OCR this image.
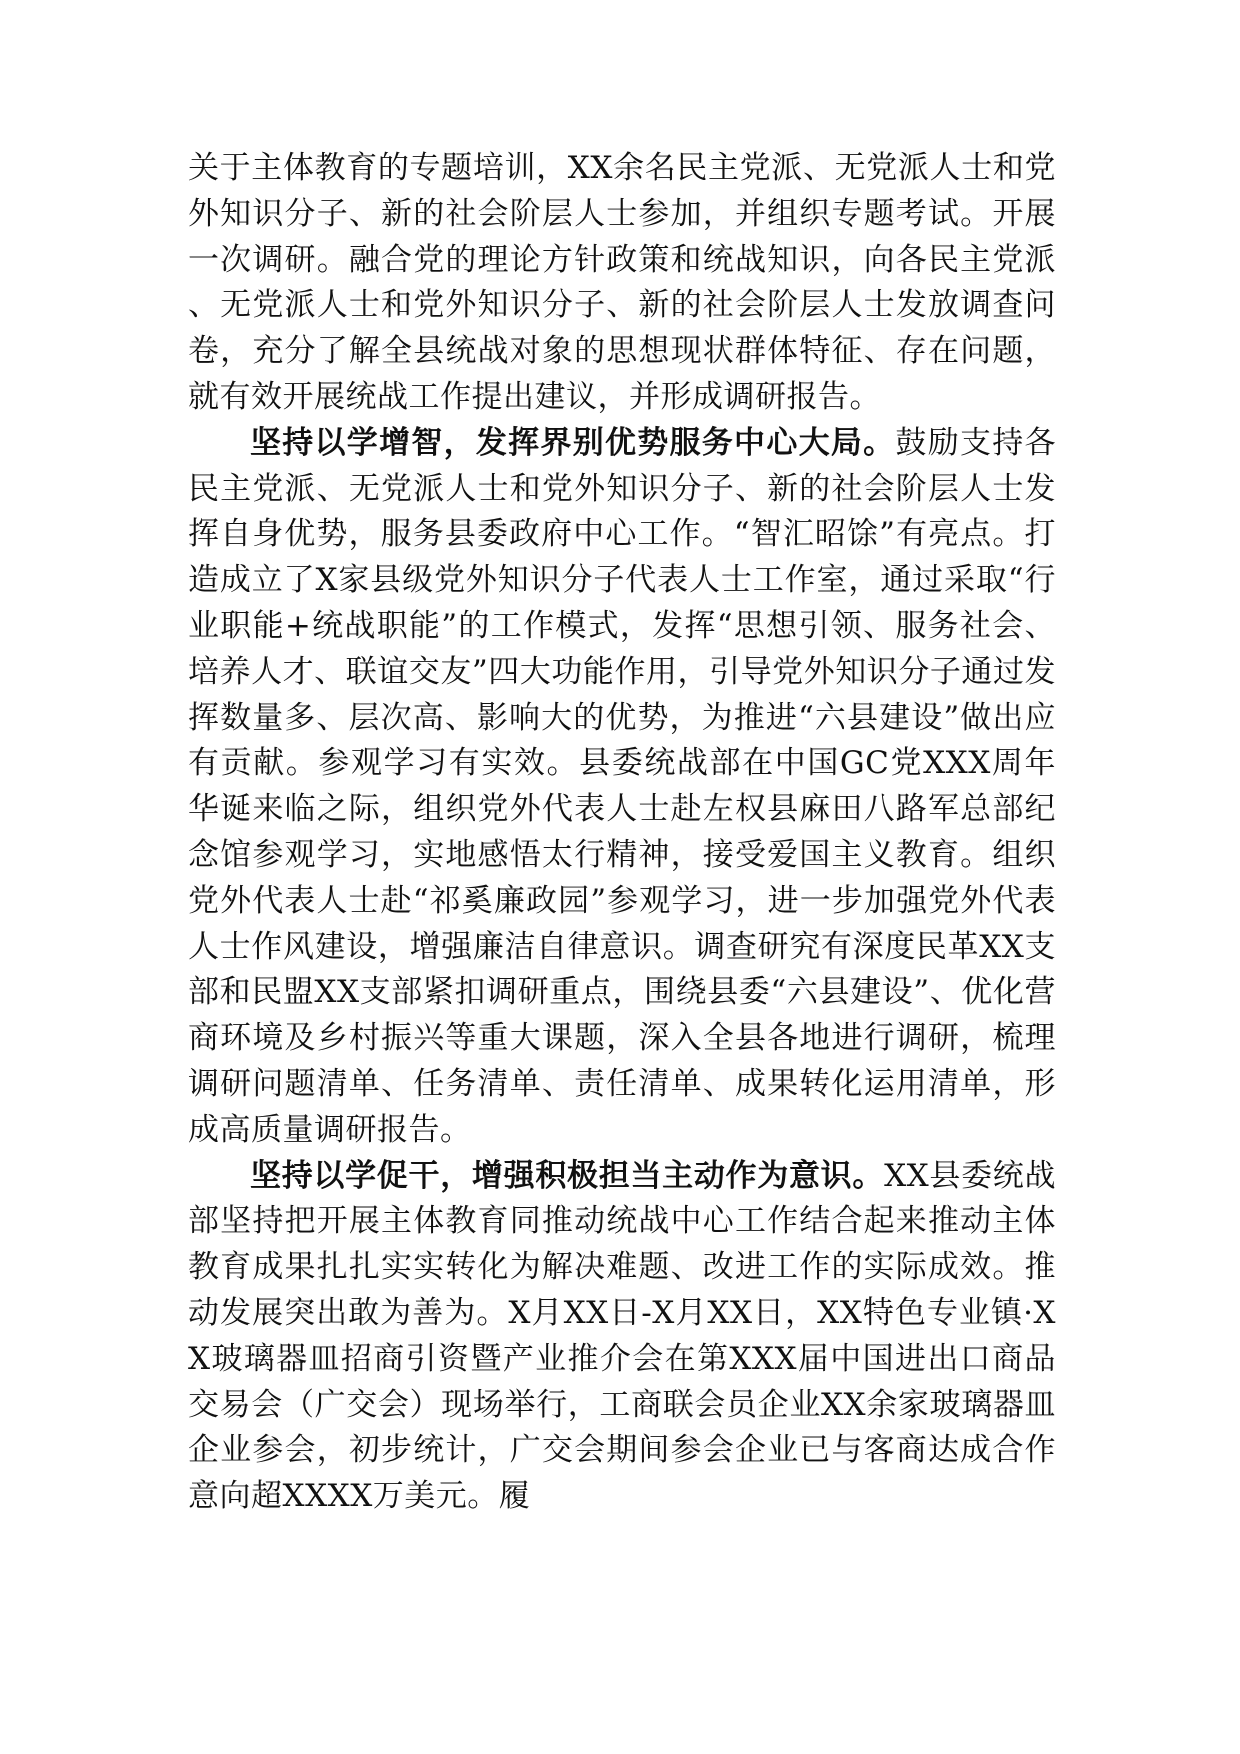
关于主体教育的专题培训，XX余名民主党派、无党派人士和党外知识分子、新的社会阶层人士参加，并组织专题考试。开展一次调研。融合党的理论方针政策和统战知识，向各民主党派、无党派人士和党外知识分子、新的社会阶层人士发放调查问卷，充分了解全县统战对象的思想现状群体特征、存在问题，就有效开展统战工作提出建议，并形成调研报告。

坚持以学增智，发挥界别优势服务中心大局。鼓励支持各民主党派、无党派人士和党外知识分子、新的社会阶层人士发挥自身优势，服务县委政府中心工作。“智汇昭馀”有亮点。打造成立了X家县级党外知识分子代表人士工作室，通过采取“行业职能+统战职能”的工作模式，发挥“思想引领、服务社会、培养人才、联谊交友”四大功能作用，引导党外知识分子通过发挥数量多、层次高、影响大的优势，为推进“六县建设”做出应有贡献。参观学习有实效。县委统战部在中国GC党XXX周年华诞来临之际，组织党外代表人士赴左权县麻田八路军总部纪念馆参观学习，实地感悟太行精神，接受爱国主义教育。组织党外代表人士赴“祁奚廉政园”参观学习，进一步加强党外代表人士作风建设，增强廉洁自律意识。调查研究有深度民革XX支部和民盟XX支部紧扣调研重点，围绕县委“六县建设”、优化营商环境及乡村振兴等重大课题，深入全县各地进行调研，梳理调研问题清单、任务清单、责任清单、成果转化运用清单，形成高质量调研报告。

坚持以学促干，增强积极担当主动作为意识。XX县委统战部坚持把开展主体教育同推动统战中心工作结合起来推动主体教育成果扎扎实实转化为解决难题、改进工作的实际成效。推动发展突出敢为善为。X月XX日-X月XX日，XX特色专业镇·XX玻璃器皿招商引资暨产业推介会在第XXX届中国进出口商品交易会（广交会）现场举行，工商联会员企业XX余家玻璃器皿企业参会，初步统计，广交会期间参会企业已与客商达成合作意向超XXXX万美元。履
